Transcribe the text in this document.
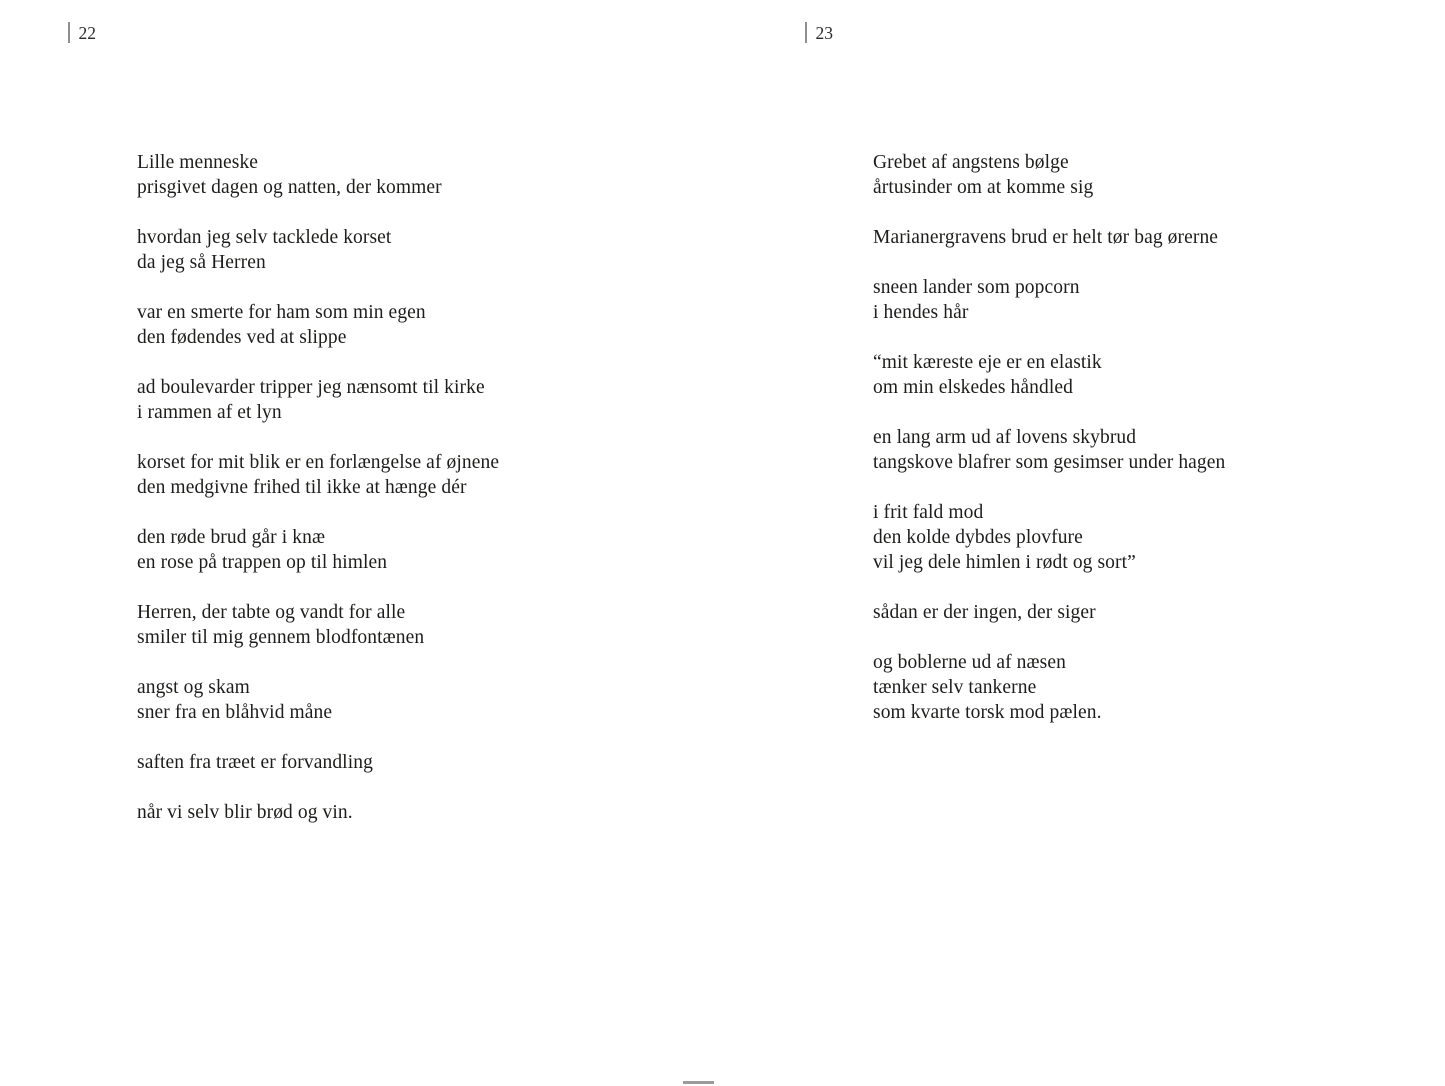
22	23
Lille menneske
prisgivet dagen og natten, der kommer
hvordan jeg selv tacklede korset
da jeg så Herren
var en smerte for ham som min egen
den fødendes ved at slippe
ad boulevarder tripper jeg nænsomt til kirke
i rammen af et lyn
korset for mit blik er en forlængelse af øjnene
den medgivne frihed til ikke at hænge dér
den røde brud går i knæ
en rose på trappen op til himlen
Herren, der tabte og vandt for alle
smiler til mig gennem blodfontænen
angst og skam
sner fra en blåhvid måne
saften fra træet er forvandling
når vi selv blir brød og vin.
Grebet af angstens bølge
årtusinder om at komme sig
Marianergravens brud er helt tør bag ørerne
sneen lander som popcorn
i hendes hår
“mit kæreste eje er en elastik
om min elskedes håndled
en lang arm ud af lovens skybrud
tangskove blafrer som gesimser under hagen
i frit fald mod
den kolde dybdes plovfure
vil jeg dele himlen i rødt og sort”
sådan er der ingen, der siger
og boblerne ud af næsen
tænker selv tankerne
som kvarte torsk mod pælen.
